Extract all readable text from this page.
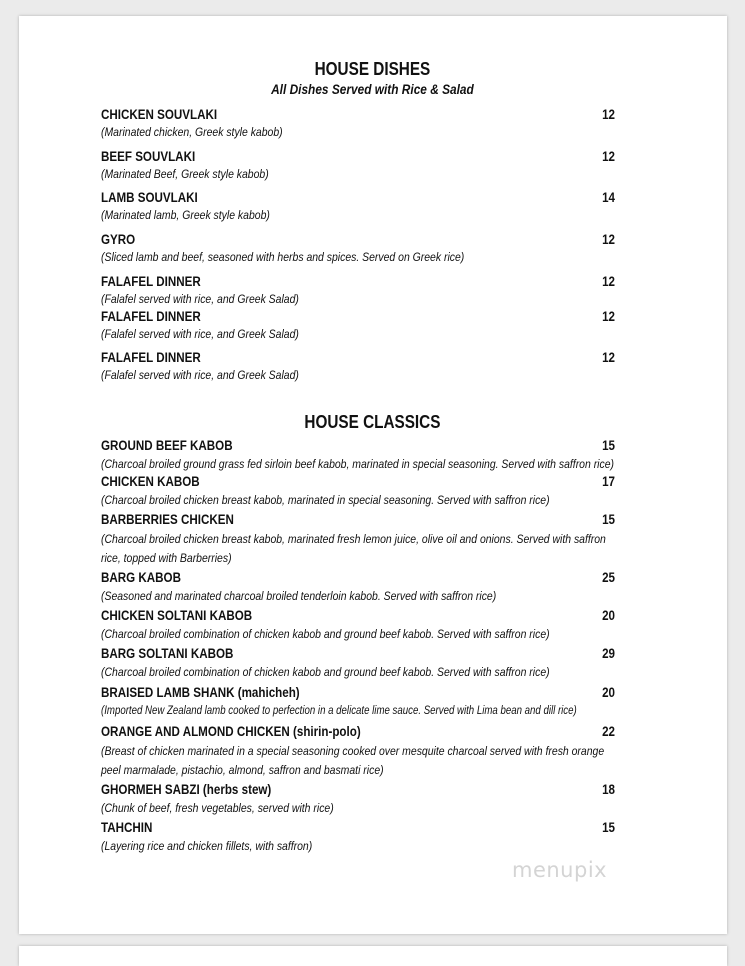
HOUSE DISHES

All Dishes Served with Rice & Salad

CHICKEN SOUVLAKI	12
(Marinated chicken, Greek style kabob)
BEEF SOUVLAKI	12
(Marinated Beef, Greek style kabob)
LAMB SOUVLAKI	14
(Marinated lamb, Greek style kabob)
GYRO	12
(Sliced lamb and beef, seasoned with herbs and spices. Served on Greek rice)
FALAFEL DINNER	12
(Falafel served with rice, and Greek Salad)
FALAFEL DINNER	12
(Falafel served with rice, and Greek Salad)
FALAFEL DINNER	12
(Falafel served with rice, and Greek Salad)
HOUSE CLASSICS
GROUND BEEF KABOB	15
(Charcoal broiled ground grass fed sirloin beef kabob, marinated in special seasoning. Served with saffron rice)
CHICKEN KABOB	17
(Charcoal broiled chicken breast kabob, marinated in special seasoning. Served with saffron rice)
BARBERRIES CHICKEN	15
(Charcoal broiled chicken breast kabob, marinated fresh lemon juice, olive oil and onions. Served with saffron rice, topped with Barberries)
BARG KABOB	25
(Seasoned and marinated charcoal broiled tenderloin kabob. Served with saffron rice)
CHICKEN SOLTANI KABOB	20
(Charcoal broiled combination of chicken kabob and ground beef kabob. Served with saffron rice)
BARG SOLTANI KABOB	29
(Charcoal broiled combination of chicken kabob and ground beef kabob. Served with saffron rice)
BRAISED LAMB SHANK (mahicheh)	20
(Imported New Zealand lamb cooked to perfection in a delicate lime sauce. Served with Lima bean and dill rice)
ORANGE AND ALMOND CHICKEN (shirin-polo)	22
(Breast of chicken marinated in a special seasoning cooked over mesquite charcoal served with fresh orange peel marmalade, pistachio, almond, saffron and basmati rice)
GHORMEH SABZI (herbs stew)	18
(Chunk of beef, fresh vegetables, served with rice)
TAHCHIN	15
(Layering rice and chicken fillets, with saffron)
menupix
